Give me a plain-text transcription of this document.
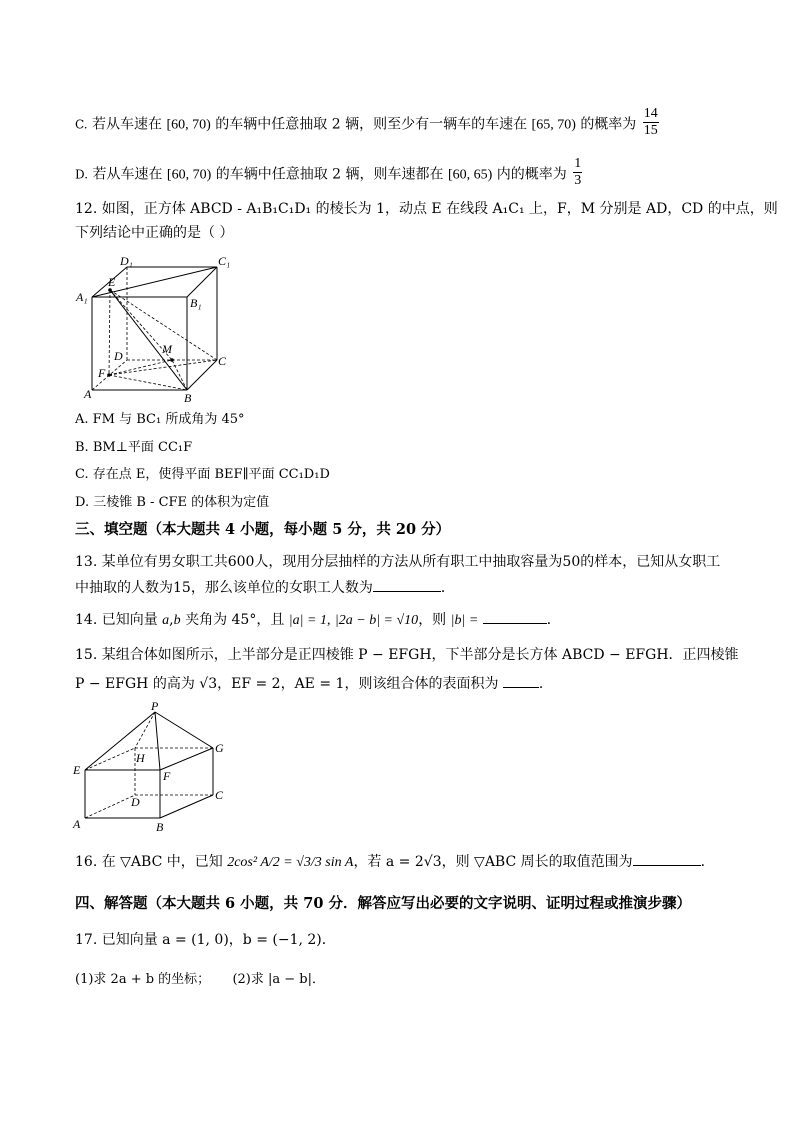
C. 若从车速在 [60, 70) 的车辆中任意抽取 2 辆，则至少有一辆车的车速在 [65, 70) 的概率为 $\frac{14}{15}$
D. 若从车速在 [60, 70) 的车辆中任意抽取 2 辆，则车速都在 [60, 65) 内的概率为 $\frac{1}{3}$
12. 如图，正方体 ABCD - A₁B₁C₁D₁ 的棱长为 1，动点 E 在线段 A₁C₁ 上，F，M 分别是 AD，CD 的中点，则
下列结论中正确的是（ ）
D₁	C₁
A₁
E
B₁
D	M
C
F
A	B
A. FM 与 BC₁ 所成角为 45°
B. BM⊥平面 CC₁F
C. 存在点 E，使得平面 BEF∥平面 CC₁D₁D
D. 三棱锥 B - CFE 的体积为定值
三、填空题（本大题共 4 小题，每小题 5 分，共 20 分）
13. 某单位有男女职工共600人，现用分层抽样的方法从所有职工中抽取容量为50的样本，已知从女职工
中抽取的人数为15，那么该单位的女职工人数为	．
14. 已知向量 a,b 夹角为 45°，且 |a| = 1, |2a − b| = √10，则 |b| =	．
15. 某组合体如图所示，上半部分是正四棱锥 P − EFGH，下半部分是长方体 ABCD − EFGH．正四棱锥
P − EFGH 的高为 √3，EF = 2，AE = 1，则该组合体的表面积为	．
P
G
H
E	F
D	C
A	B
16. 在 ▽ABC 中，已知 2cos² A/2 = √3/3 sin A，若 a = 2√3，则 ▽ABC 周长的取值范围为	．
四、解答题（本大题共 6 小题，共 70 分．解答应写出必要的文字说明、证明过程或推演步骤）
17. 已知向量 a = (1, 0)，b = (−1, 2)．
(1)求 2a + b 的坐标； (2)求 |a − b|．
